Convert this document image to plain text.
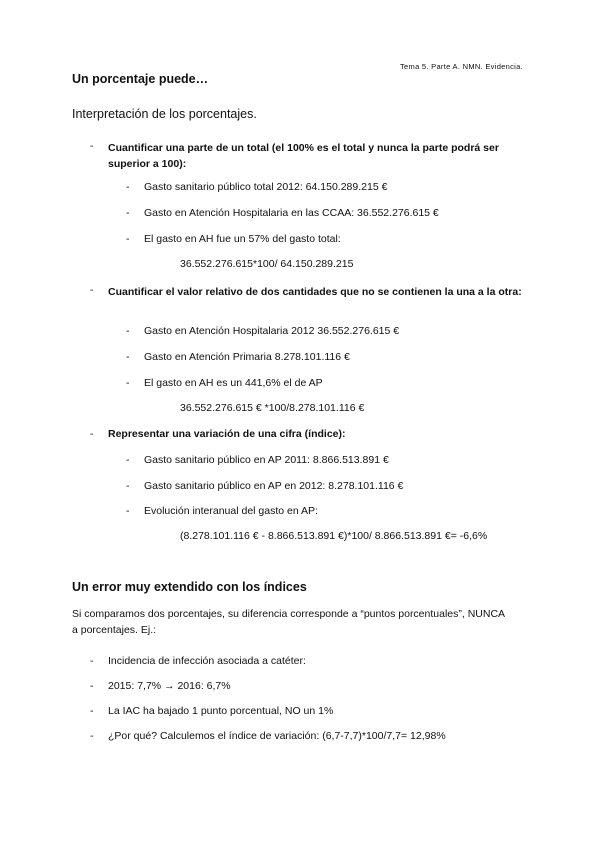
Tema 5. Parte A. NMN. Evidencia.
Un porcentaje puede…
Interpretación de los porcentajes.
- Cuantificar una parte de un total (el 100% es el total y nunca la parte podrá ser superior a 100):
- Gasto sanitario público total 2012: 64.150.289.215 €
- Gasto en Atención Hospitalaria en las CCAA: 36.552.276.615 €
- El gasto en AH fue un 57% del gasto total:
36.552.276.615*100/ 64.150.289.215
- Cuantificar el valor relativo de dos cantidades que no se contienen la una a la otra:
- Gasto en Atención Hospitalaria 2012 36.552.276.615 €
- Gasto en Atención Primaria 8.278.101.116 €
- El gasto en AH es un 441,6% el de AP
36.552.276.615 € *100/8.278.101.116 €
- Representar una variación de una cifra (índice):
- Gasto sanitario público en AP 2011: 8.866.513.891 €
- Gasto sanitario público en AP en 2012: 8.278.101.116 €
- Evolución interanual del gasto en AP:
(8.278.101.116 € - 8.866.513.891 €)*100/ 8.866.513.891 €= -6,6%
Un error muy extendido con los índices
Si comparamos dos porcentajes, su diferencia corresponde a “puntos porcentuales”, NUNCA a porcentajes. Ej.:
- Incidencia de infección asociada a catéter:
- 2015: 7,7% → 2016: 6,7%
- La IAC ha bajado 1 punto porcentual, NO un 1%
- ¿Por qué? Calculemos el índice de variación: (6,7-7,7)*100/7,7= 12,98%
